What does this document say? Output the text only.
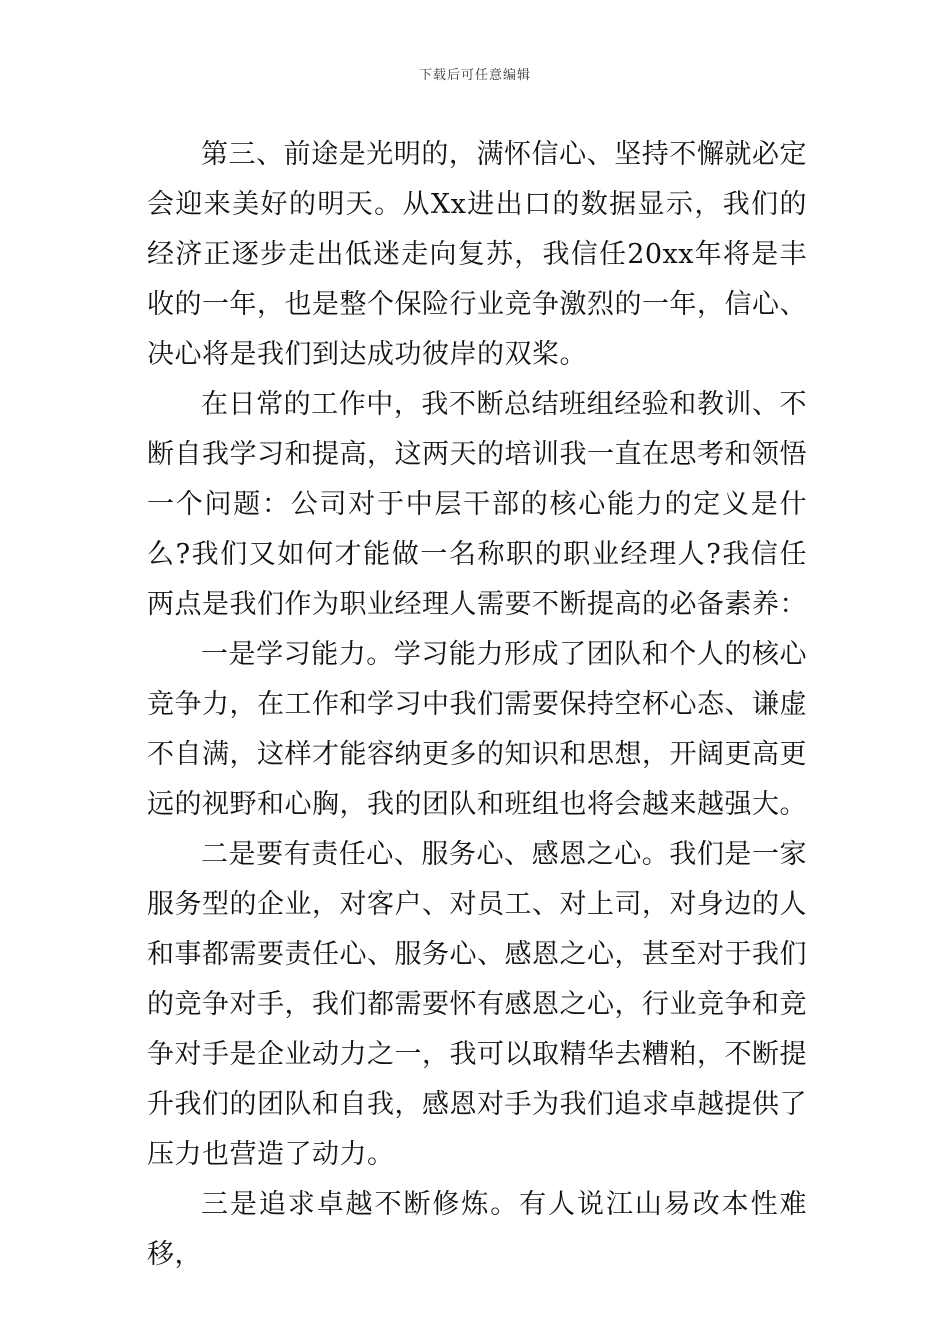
下载后可任意编辑

第三、前途是光明的，满怀信心、坚持不懈就必定会迎来美好的明天。从Xx进出口的数据显示，我们的经济正逐步走出低迷走向复苏，我信任20xx年将是丰收的一年，也是整个保险行业竞争激烈的一年，信心、决心将是我们到达成功彼岸的双桨。

在日常的工作中，我不断总结班组经验和教训、不断自我学习和提高，这两天的培训我一直在思考和领悟一个问题：公司对于中层干部的核心能力的定义是什么?我们又如何才能做一名称职的职业经理人?我信任两点是我们作为职业经理人需要不断提高的必备素养：

一是学习能力。学习能力形成了团队和个人的核心竞争力，在工作和学习中我们需要保持空杯心态、谦虚不自满，这样才能容纳更多的知识和思想，开阔更高更远的视野和心胸，我的团队和班组也将会越来越强大。

二是要有责任心、服务心、感恩之心。我们是一家服务型的企业，对客户、对员工、对上司，对身边的人和事都需要责任心、服务心、感恩之心，甚至对于我们的竞争对手，我们都需要怀有感恩之心，行业竞争和竞争对手是企业动力之一，我可以取精华去糟粕，不断提升我们的团队和自我，感恩对手为我们追求卓越提供了压力也营造了动力。

三是追求卓越不断修炼。有人说江山易改本性难移，
